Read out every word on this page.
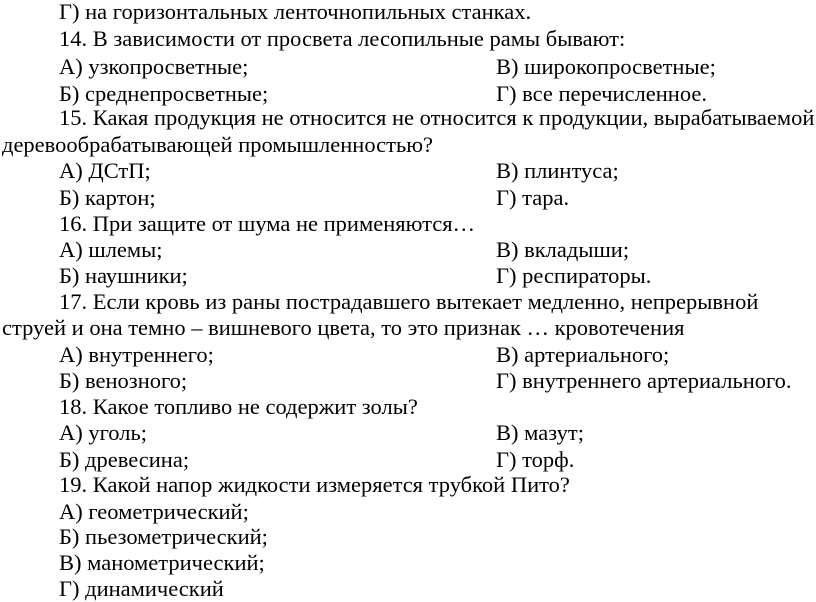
Г) на горизонтальных ленточнопильных станках.
14. В зависимости от просвета лесопильные рамы бывают:
А) узкопросветные;	В) широкопросветные;
Б) среднепросветные;	Г) все перечисленное.
15. Какая продукция не относится не относится к продукции, вырабатываемой
деревообрабатывающей промышленностью?
А) ДСтП;	В) плинтуса;
Б) картон;	Г) тара.
16. При защите от шума не применяются…
А) шлемы;	В) вкладыши;
Б) наушники;	Г) респираторы.
17. Если кровь из раны пострадавшего вытекает медленно, непрерывной
струей и она темно – вишневого цвета, то это признак … кровотечения
А) внутреннего;	В) артериального;
Б) венозного;	Г) внутреннего артериального.
18. Какое топливо не содержит золы?
А) уголь;	В) мазут;
Б) древесина;	Г) торф.
19. Какой напор жидкости измеряется трубкой Пито?
А) геометрический;
Б) пьезометрический;
В) манометрический;
Г) динамический
